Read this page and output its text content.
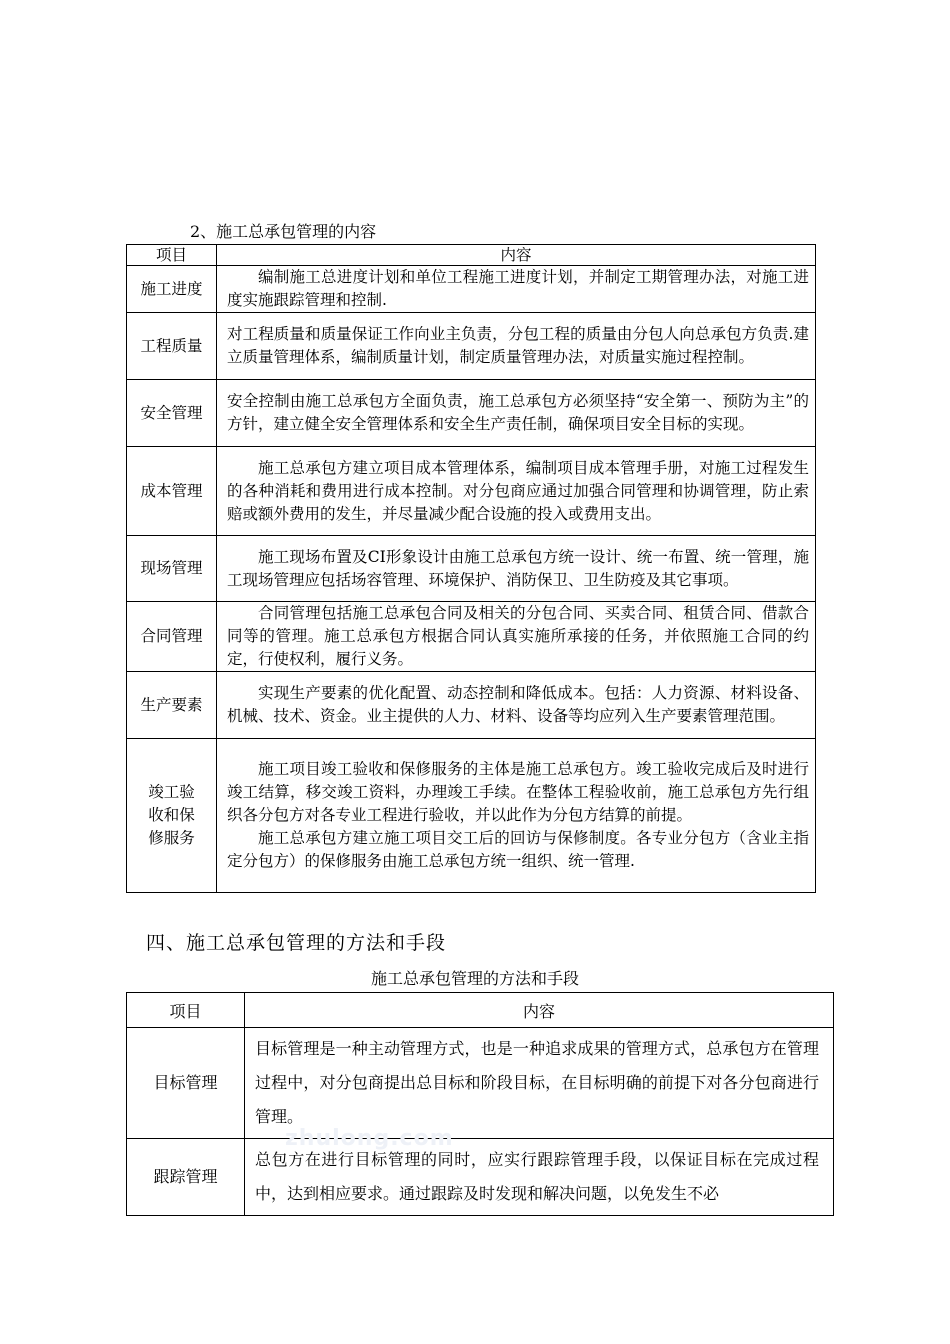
2、施工总承包管理的内容
项目	内容
施工进度	编制施工总进度计划和单位工程施工进度计划，并制定工期管理办法，对施工进度实施跟踪管理和控制.

工程质量	对工程质量和质量保证工作向业主负责，分包工程的质量由分包人向总承包方负责.建立质量管理体系，编制质量计划，制定质量管理办法，对质量实施过程控制。

安全管理	安全控制由施工总承包方全面负责，施工总承包方必须坚持“安全第一、预防为主”的方针，建立健全安全管理体系和安全生产责任制，确保项目安全目标的实现。

成本管理	施工总承包方建立项目成本管理体系，编制项目成本管理手册，对施工过程发生的各种消耗和费用进行成本控制。对分包商应通过加强合同管理和协调管理，防止索赔或额外费用的发生，并尽量减少配合设施的投入或费用支出。

现场管理	施工现场布置及CI形象设计由施工总承包方统一设计、统一布置、统一管理，施工现场管理应包括场容管理、环境保护、消防保卫、卫生防疫及其它事项。

合同管理	合同管理包括施工总承包合同及相关的分包合同、买卖合同、租赁合同、借款合同等的管理。施工总承包方根据合同认真实施所承接的任务，并依照施工合同的约定，行使权利，履行义务。

生产要素	实现生产要素的优化配置、动态控制和降低成本。包括：人力资源、材料设备、机械、技术、资金。业主提供的人力、材料、设备等均应列入生产要素管理范围。

竣工验收和保修服务	施工项目竣工验收和保修服务的主体是施工总承包方。竣工验收完成后及时进行竣工结算，移交竣工资料，办理竣工手续。在整体工程验收前，施工总承包方先行组织各分包方对各专业工程进行验收，并以此作为分包方结算的前提。

施工总承包方建立施工项目交工后的回访与保修制度。各专业分包方（含业主指定分包方）的保修服务由施工总承包方统一组织、统一管理.

四、施工总承包管理的方法和手段
施工总承包管理的方法和手段
项目	内容
目标管理	目标管理是一种主动管理方式，也是一种追求成果的管理方式，总承包方在管理过程中，对分包商提出总目标和阶段目标，在目标明确的前提下对各分包商进行管理。

跟踪管理	总包方在进行目标管理的同时，应实行跟踪管理手段，以保证目标在完成过程中，达到相应要求。通过跟踪及时发现和解决问题，以免发生不必

zhulong.com
